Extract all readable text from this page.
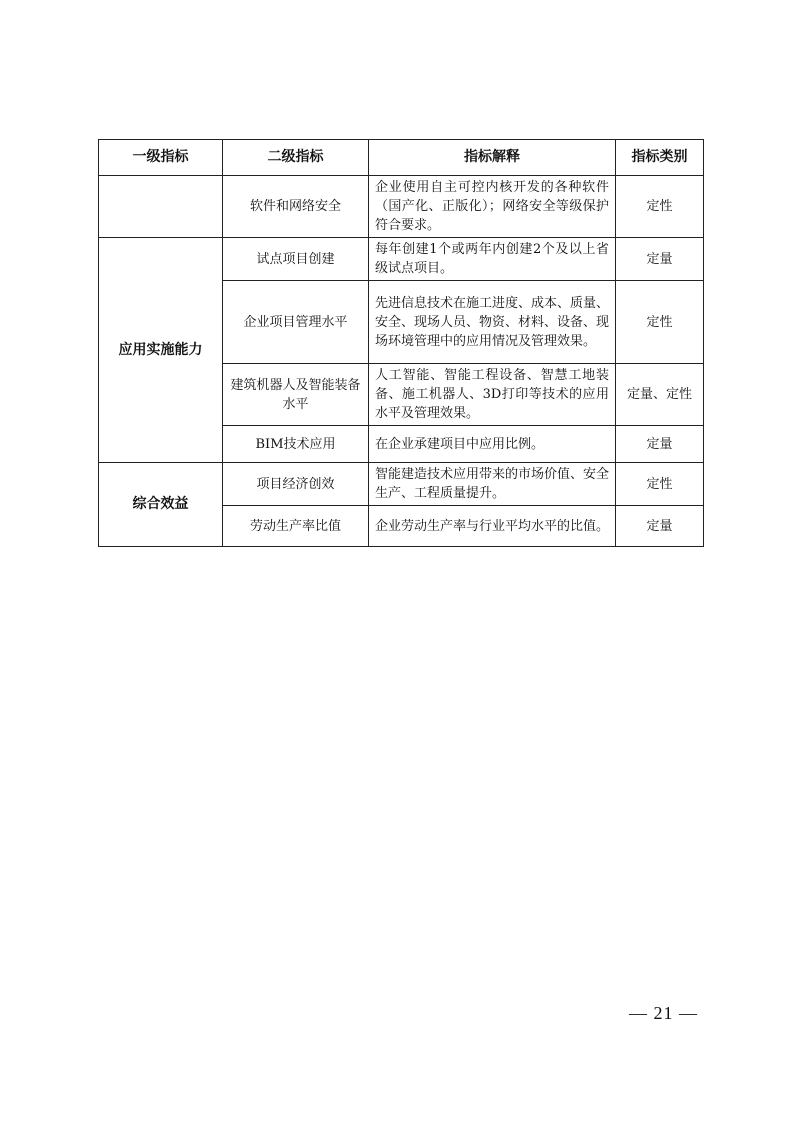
一级指标	二级指标	指标解释	指标类别
	软件和网络安全	企业使用自主可控内核开发的各种软件（国产化、正版化）；网络安全等级保护符合要求。	定性
应用实施能力	试点项目创建	每年创建1个或两年内创建2个及以上省级试点项目。	定量
	企业项目管理水平	先进信息技术在施工进度、成本、质量、安全、现场人员、物资、材料、设备、现场环境管理中的应用情况及管理效果。	定性
	建筑机器人及智能装备水平	人工智能、智能工程设备、智慧工地装备、施工机器人、3D打印等技术的应用水平及管理效果。	定量、定性
	BIM技术应用	在企业承建项目中应用比例。	定量
综合效益	项目经济创效	智能建造技术应用带来的市场价值、安全生产、工程质量提升。	定性
	劳动生产率比值	企业劳动生产率与行业平均水平的比值。	定量
— 21 —
